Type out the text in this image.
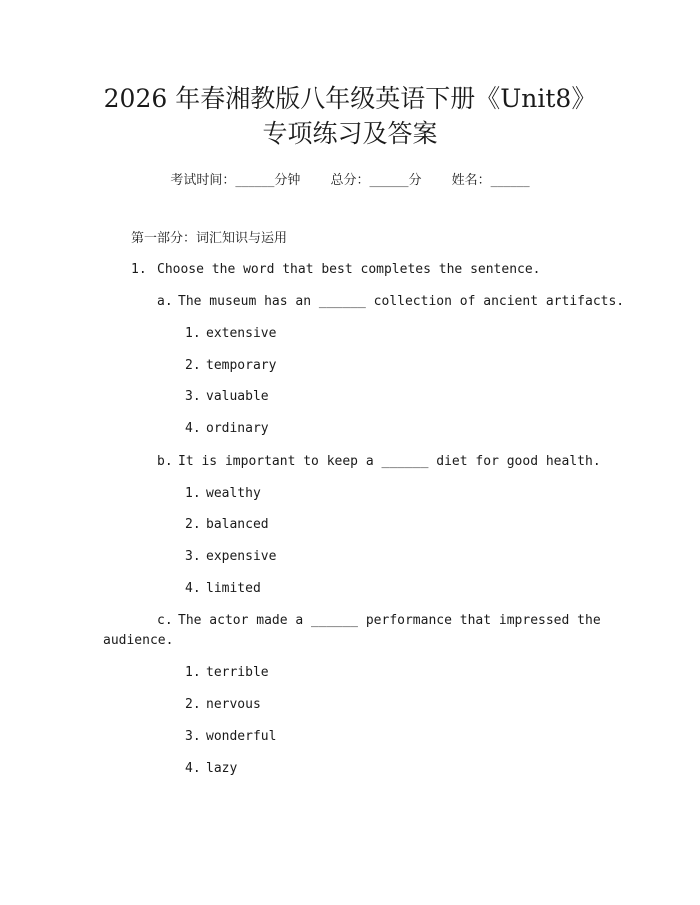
2026 年春湘教版八年级英语下册《Unit8》
专项练习及答案
考试时间：______分钟 总分：______分 姓名：______
第一部分：词汇知识与运用
1. Choose the word that best completes the sentence.
a. The museum has an ______ collection of ancient artifacts.
1. extensive
2. temporary
3. valuable
4. ordinary
b. It is important to keep a ______ diet for good health.
1. wealthy
2. balanced
3. expensive
4. limited
c. The actor made a ______ performance that impressed the
audience.
1. terrible
2. nervous
3. wonderful
4. lazy
